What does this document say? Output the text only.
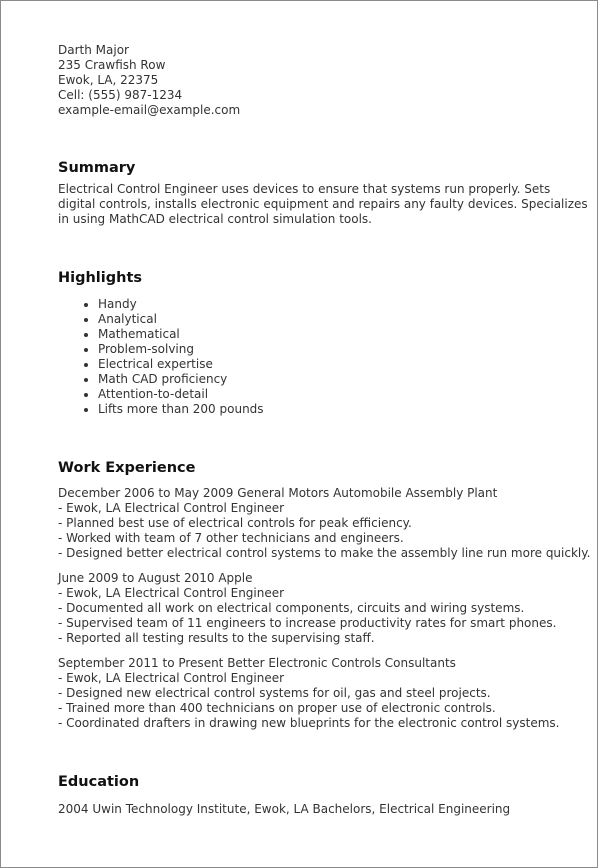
Darth Major
235 Crawfish Row
Ewok, LA, 22375
Cell: (555) 987-1234
example-email@example.com
Summary
Electrical Control Engineer uses devices to ensure that systems run properly. Sets digital controls, installs electronic equipment and repairs any faulty devices. Specializes in using MathCAD electrical control simulation tools.
Highlights
• Handy
• Analytical
• Mathematical
• Problem-solving
• Electrical expertise
• Math CAD proficiency
• Attention-to-detail
• Lifts more than 200 pounds
Work Experience
December 2006 to May 2009 General Motors Automobile Assembly Plant
- Ewok, LA Electrical Control Engineer
- Planned best use of electrical controls for peak efficiency.
- Worked with team of 7 other technicians and engineers.
- Designed better electrical control systems to make the assembly line run more quickly.
June 2009 to August 2010 Apple
- Ewok, LA Electrical Control Engineer
- Documented all work on electrical components, circuits and wiring systems.
- Supervised team of 11 engineers to increase productivity rates for smart phones.
- Reported all testing results to the supervising staff.
September 2011 to Present Better Electronic Controls Consultants
- Ewok, LA Electrical Control Engineer
- Designed new electrical control systems for oil, gas and steel projects.
- Trained more than 400 technicians on proper use of electronic controls.
- Coordinated drafters in drawing new blueprints for the electronic control systems.
Education
2004 Uwin Technology Institute, Ewok, LA Bachelors, Electrical Engineering
